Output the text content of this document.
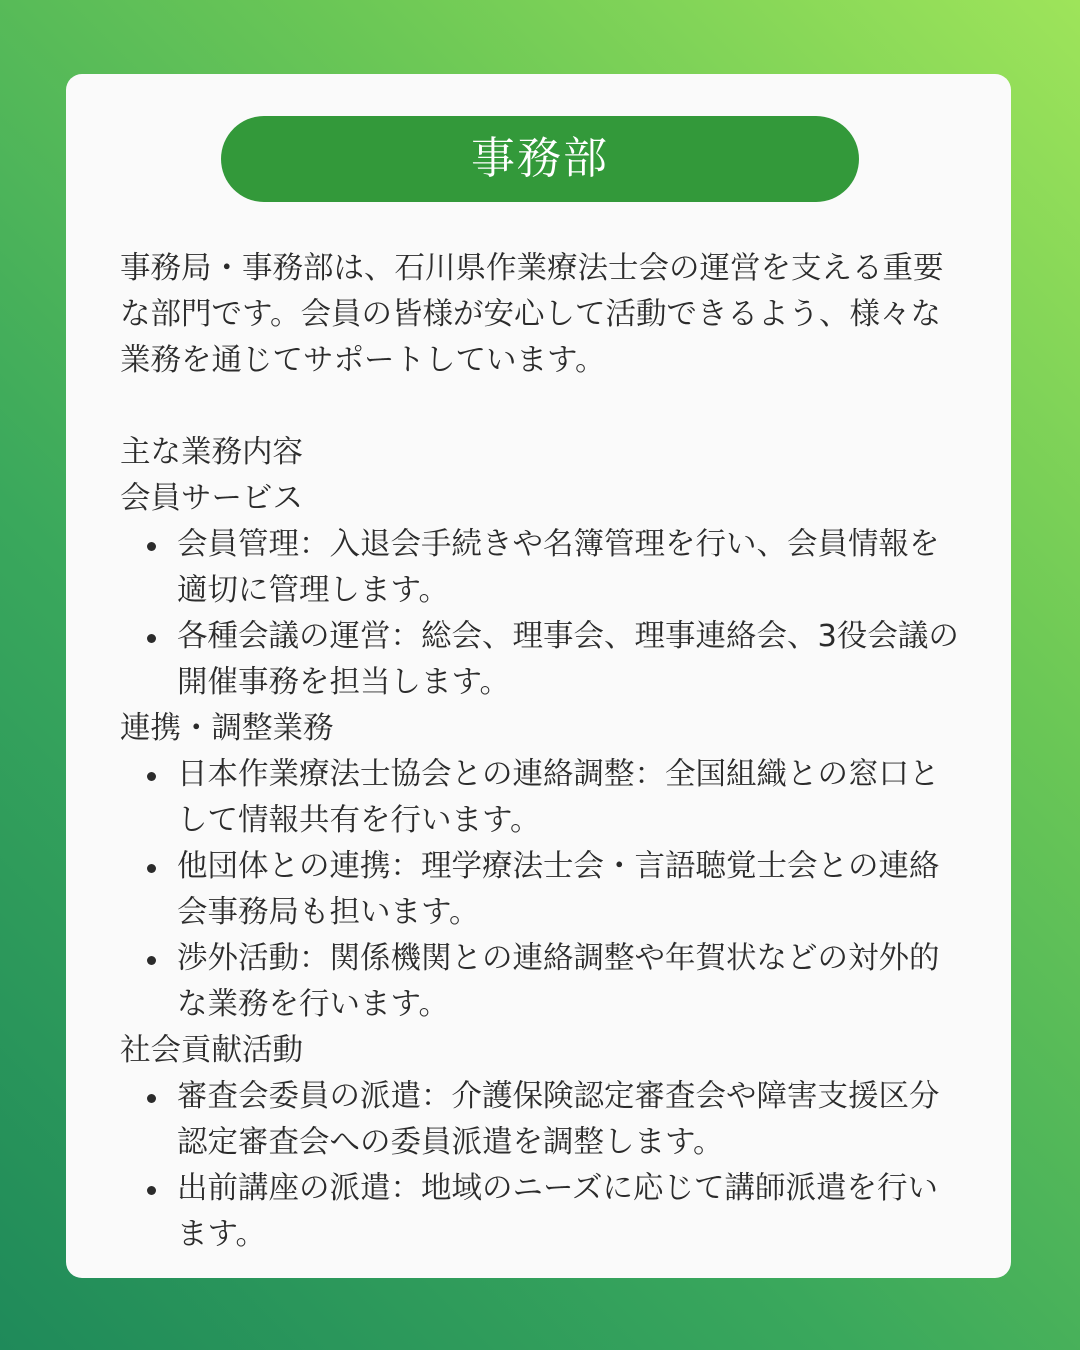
事務部

事務局・事務部は、石川県作業療法士会の運営を支える重要な部門です。会員の皆様が安心して活動できるよう、様々な業務を通じてサポートしています。

主な業務内容

会員サービス

会員管理：入退会手続きや名簿管理を行い、会員情報を適切に管理します。
各種会議の運営：総会、理事会、理事連絡会、3役会議の開催事務を担当します。

連携・調整業務

日本作業療法士協会との連絡調整：全国組織との窓口として情報共有を行います。
他団体との連携：理学療法士会・言語聴覚士会との連絡会事務局も担います。
渉外活動：関係機関との連絡調整や年賀状などの対外的な業務を行います。

社会貢献活動

審査会委員の派遣：介護保険認定審査会や障害支援区分認定審査会への委員派遣を調整します。
出前講座の派遣：地域のニーズに応じて講師派遣を行います。
